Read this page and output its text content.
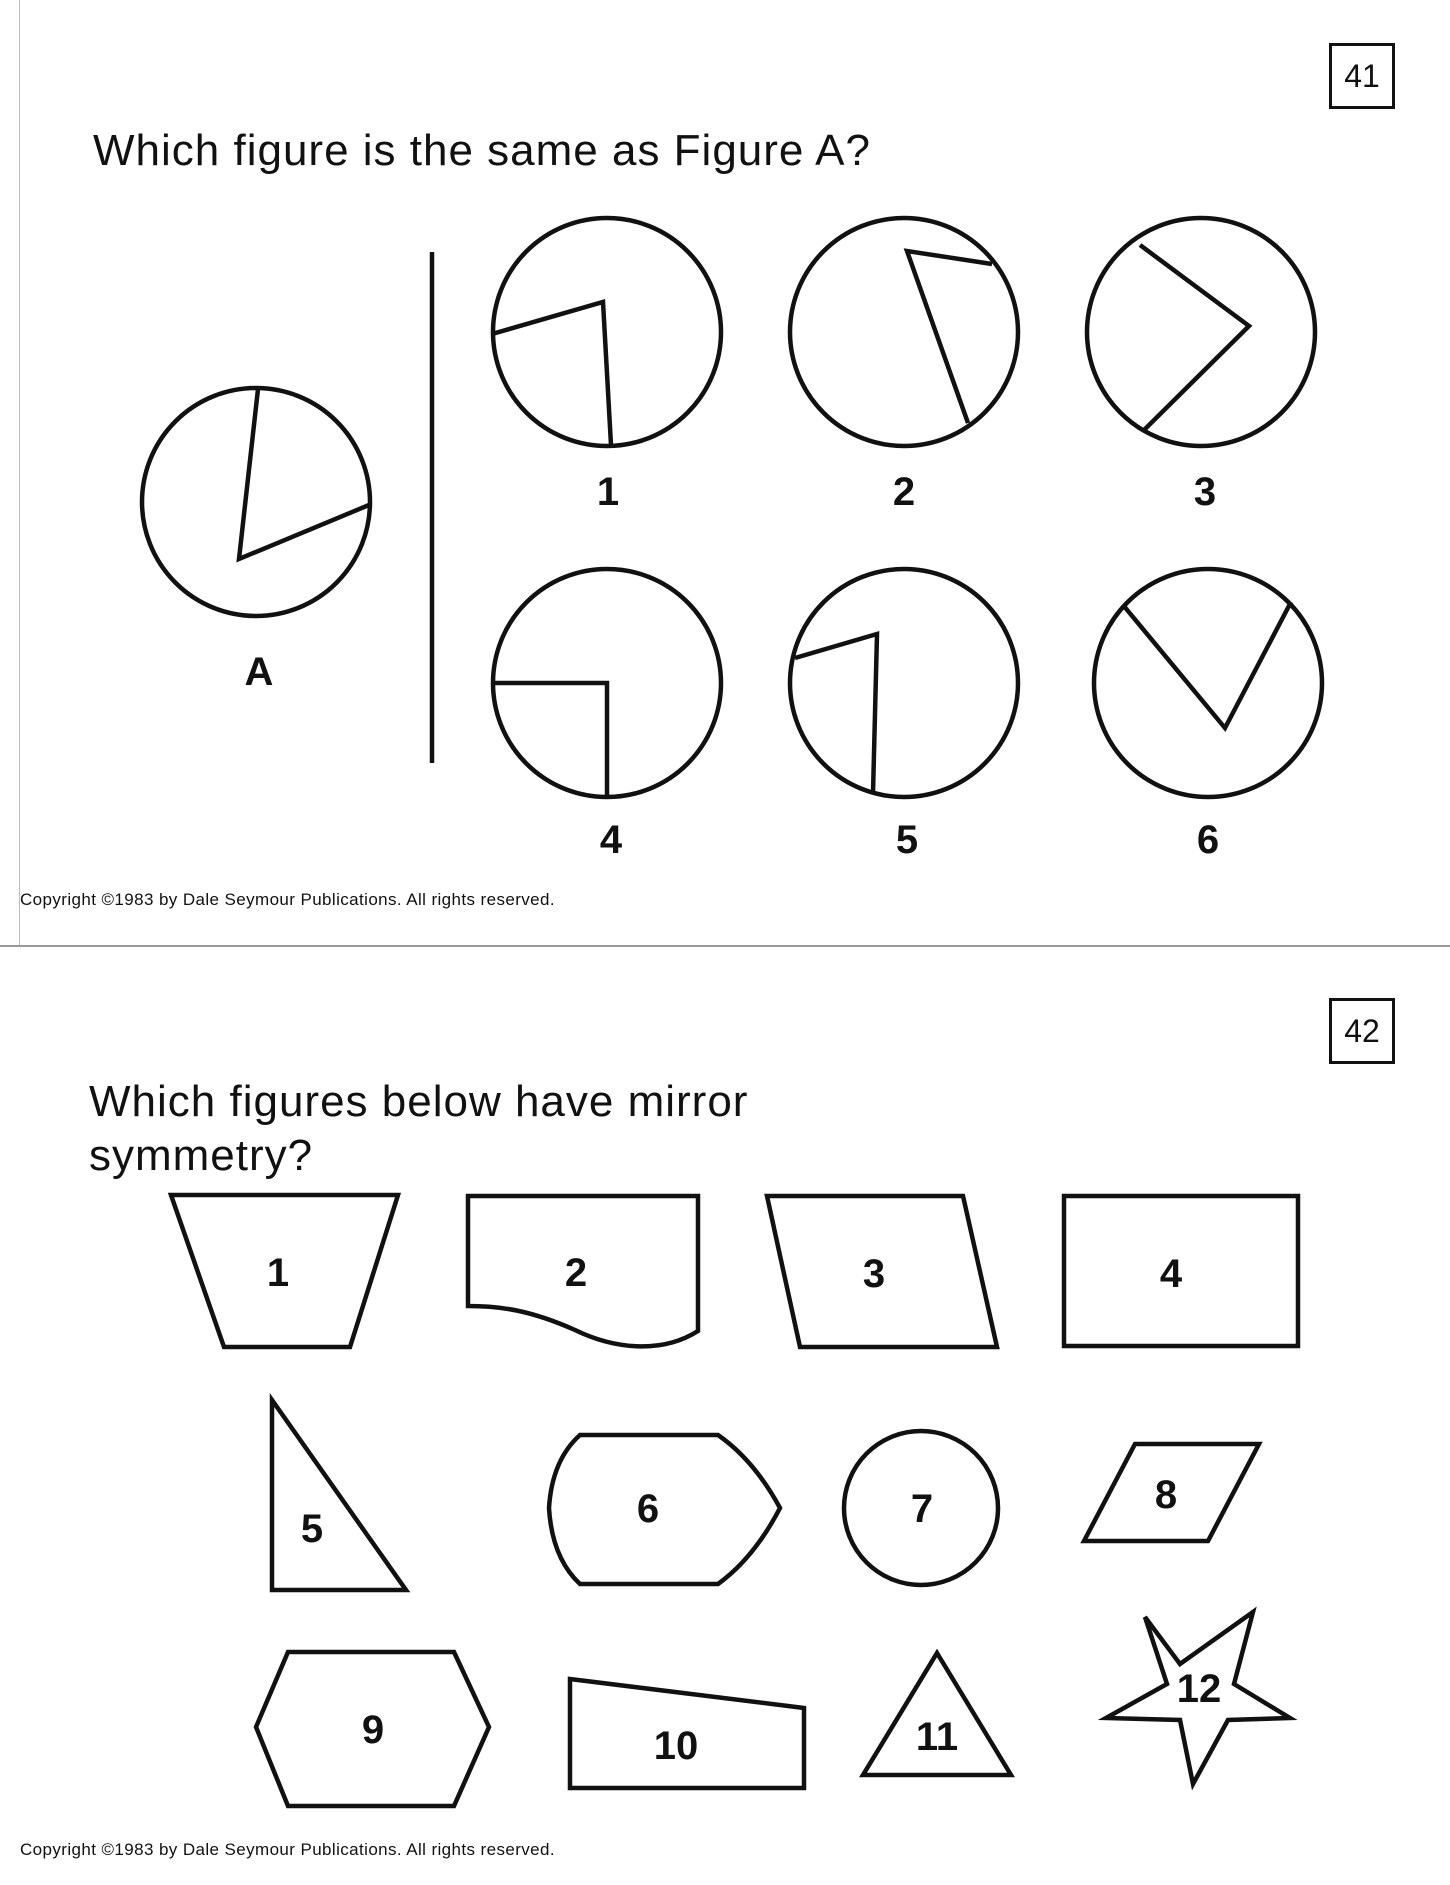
41
Which figure is the same as Figure A?
A
1	2	3
4	5	6
Copyright ©1983 by Dale Seymour Publications. All rights reserved.
42
Which figures below have mirror
symmetry?
1	2	3	4
5	6	7	8
9	10	11
12
Copyright ©1983 by Dale Seymour Publications. All rights reserved.
